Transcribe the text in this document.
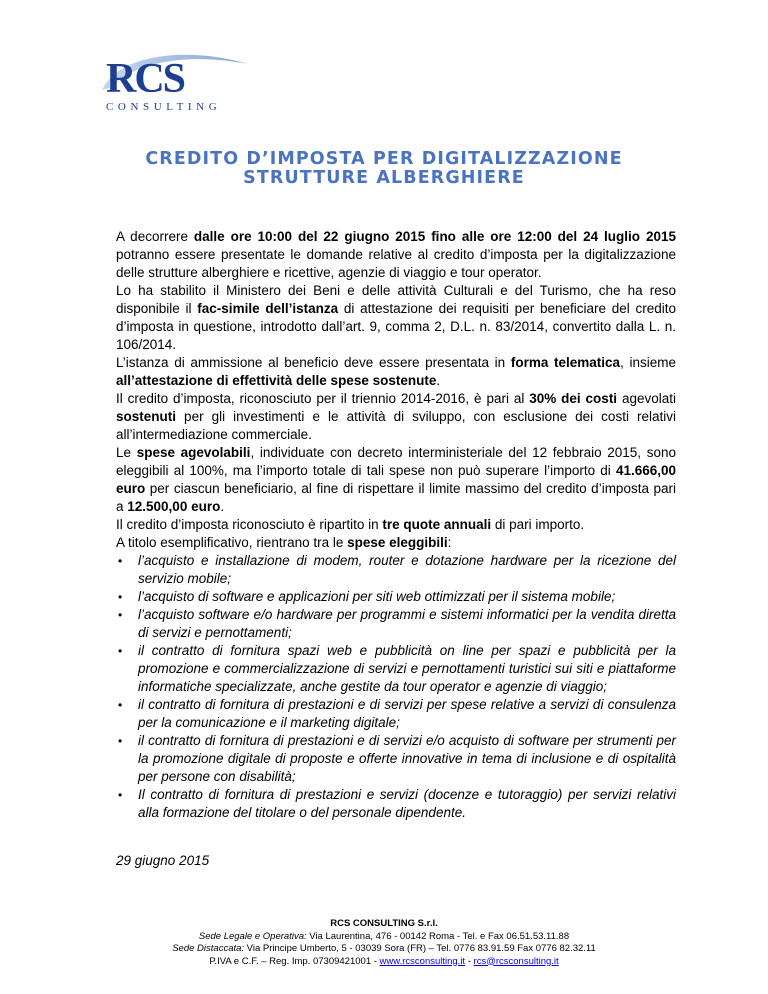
RCS
CONSULTING
CREDITO D’IMPOSTA PER DIGITALIZZAZIONE
STRUTTURE ALBERGHIERE

A decorrere dalle ore 10:00 del 22 giugno 2015 fino alle ore 12:00 del 24 luglio 2015 potranno essere presentate le domande relative al credito d’imposta per la digitalizzazione delle strutture alberghiere e ricettive, agenzie di viaggio e tour operator.

Lo ha stabilito il Ministero dei Beni e delle attività Culturali e del Turismo, che ha reso disponibile il fac-simile dell’istanza di attestazione dei requisiti per beneficiare del credito d’imposta in questione, introdotto dall’art. 9, comma 2, D.L. n. 83/2014, convertito dalla L. n. 106/2014.

L’istanza di ammissione al beneficio deve essere presentata in forma telematica, insieme all’attestazione di effettività delle spese sostenute.

Il credito d’imposta, riconosciuto per il triennio 2014-2016, è pari al 30% dei costi agevolati sostenuti per gli investimenti e le attività di sviluppo, con esclusione dei costi relativi all’intermediazione commerciale.

Le spese agevolabili, individuate con decreto interministeriale del 12 febbraio 2015, sono eleggibili al 100%, ma l’importo totale di tali spese non può superare l’importo di 41.666,00 euro per ciascun beneficiario, al fine di rispettare il limite massimo del credito d’imposta pari a 12.500,00 euro.

Il credito d’imposta riconosciuto è ripartito in tre quote annuali di pari importo.

A titolo esemplificativo, rientrano tra le spese eleggibili:

• l’acquisto e installazione di modem, router e dotazione hardware per la ricezione del servizio mobile;
• l’acquisto di software e applicazioni per siti web ottimizzati per il sistema mobile;
• l’acquisto software e/o hardware per programmi e sistemi informatici per la vendita diretta di servizi e pernottamenti;
• il contratto di fornitura spazi web e pubblicità on line per spazi e pubblicità per la promozione e commercializzazione di servizi e pernottamenti turistici sui siti e piattaforme informatiche specializzate, anche gestite da tour operator e agenzie di viaggio;
• il contratto di fornitura di prestazioni e di servizi per spese relative a servizi di consulenza per la comunicazione e il marketing digitale;
• il contratto di fornitura di prestazioni e di servizi e/o acquisto di software per strumenti per la promozione digitale di proposte e offerte innovative in tema di inclusione e di ospitalità per persone con disabilità;
• Il contratto di fornitura di prestazioni e servizi (docenze e tutoraggio) per servizi relativi alla formazione del titolare o del personale dipendente.
29 giugno 2015
RCS CONSULTING S.r.l.
Sede Legale e Operativa: Via Laurentina, 476 - 00142 Roma - Tel. e Fax 06.51.53.11.88
Sede Distaccata: Via Principe Umberto, 5 - 03039 Sora (FR) – Tel. 0776 83.91.59 Fax 0776 82.32.11
P.IVA e C.F. – Reg. Imp. 07309421001 - www.rcsconsulting.it - rcs@rcsconsulting.it
